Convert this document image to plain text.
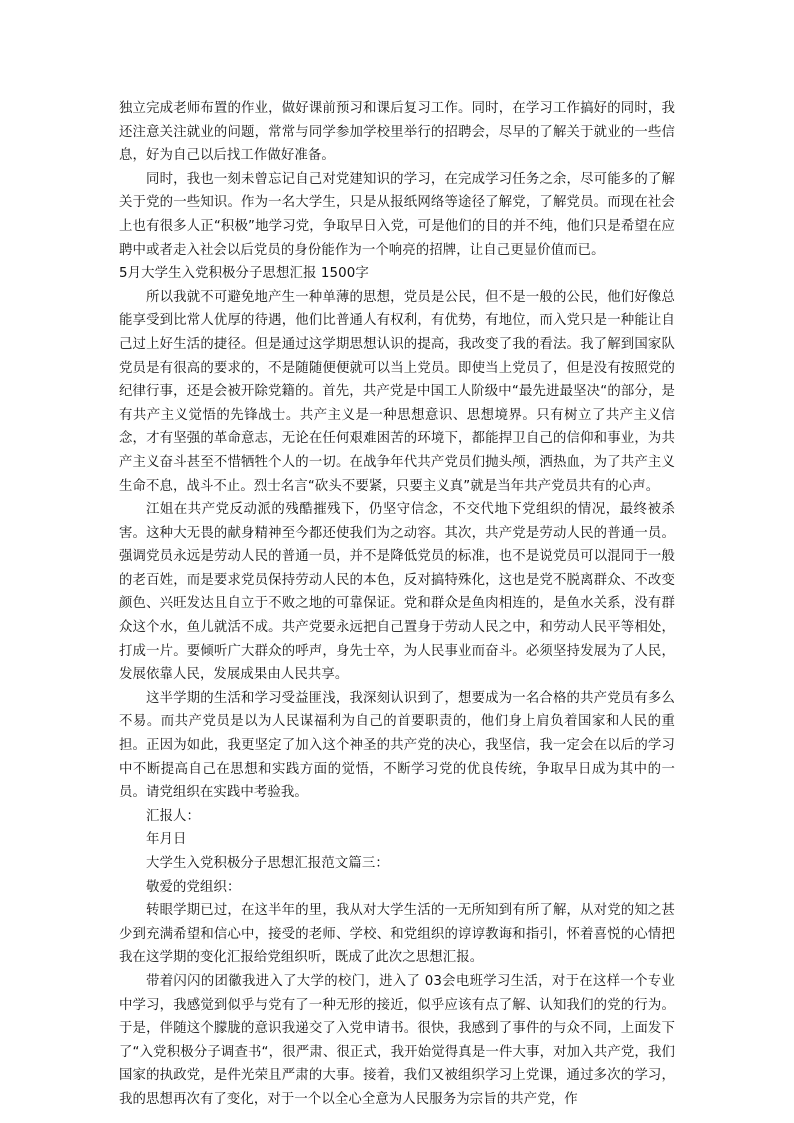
独立完成老师布置的作业，做好课前预习和课后复习工作。同时，在学习工作搞好的同时，我还注意关注就业的问题，常常与同学参加学校里举行的招聘会，尽早的了解关于就业的一些信息，好为自己以后找工作做好准备。

同时，我也一刻未曾忘记自己对党建知识的学习，在完成学习任务之余，尽可能多的了解关于党的一些知识。作为一名大学生，只是从报纸网络等途径了解党，了解党员。而现在社会上也有很多人正“积极”地学习党，争取早日入党，可是他们的目的并不纯，他们只是希望在应聘中或者走入社会以后党员的身份能作为一个响亮的招牌，让自己更显价值而已。

5月大学生入党积极分子思想汇报 1500字

所以我就不可避免地产生一种单薄的思想，党员是公民，但不是一般的公民，他们好像总能享受到比常人优厚的待遇，他们比普通人有权利，有优势，有地位，而入党只是一种能让自己过上好生活的捷径。但是通过这学期思想认识的提高，我改变了我的看法。我了解到国家队党员是有很高的要求的，不是随随便便就可以当上党员。即使当上党员了，但是没有按照党的纪律行事，还是会被开除党籍的。首先，共产党是中国工人阶级中“最先进最坚决“的部分，是有共产主义觉悟的先锋战士。共产主义是一种思想意识、思想境界。只有树立了共产主义信念，才有坚强的革命意志，无论在任何艰难困苦的环境下，都能捍卫自己的信仰和事业，为共产主义奋斗甚至不惜牺牲个人的一切。在战争年代共产党员们抛头颅，洒热血，为了共产主义生命不息，战斗不止。烈士名言“砍头不要紧，只要主义真”就是当年共产党员共有的心声。

江姐在共产党反动派的残酷摧残下，仍坚守信念，不交代地下党组织的情况，最终被杀害。这种大无畏的献身精神至今都还使我们为之动容。其次，共产党是劳动人民的普通一员。强调党员永远是劳动人民的普通一员，并不是降低党员的标准，也不是说党员可以混同于一般的老百姓，而是要求党员保持劳动人民的本色，反对搞特殊化，这也是党不脱离群众、不改变颜色、兴旺发达且自立于不败之地的可靠保证。党和群众是鱼肉相连的，是鱼水关系，没有群众这个水，鱼儿就活不成。共产党要永远把自己置身于劳动人民之中，和劳动人民平等相处，打成一片。要倾听广大群众的呼声，身先士卒，为人民事业而奋斗。必须坚持发展为了人民，发展依靠人民，发展成果由人民共享。

这半学期的生活和学习受益匪浅，我深刻认识到了，想要成为一名合格的共产党员有多么不易。而共产党员是以为人民谋福利为自己的首要职责的，他们身上肩负着国家和人民的重担。正因为如此，我更坚定了加入这个神圣的共产党的决心，我坚信，我一定会在以后的学习中不断提高自己在思想和实践方面的觉悟，不断学习党的优良传统，争取早日成为其中的一员。请党组织在实践中考验我。

汇报人：

年月日

大学生入党积极分子思想汇报范文篇三：

敬爱的党组织：

转眼学期已过，在这半年的里，我从对大学生活的一无所知到有所了解，从对党的知之甚少到充满希望和信心中，接受的老师、学校、和党组织的谆谆教诲和指引，怀着喜悦的心情把我在这学期的变化汇报给党组织听，既成了此次之思想汇报。

带着闪闪的团徽我进入了大学的校门，进入了 03会电班学习生活，对于在这样一个专业中学习，我感觉到似乎与党有了一种无形的接近，似乎应该有点了解、认知我们的党的行为。于是，伴随这个朦胧的意识我递交了入党申请书。很快，我感到了事件的与众不同，上面发下了“入党积极分子调查书“，很严肃、很正式，我开始觉得真是一件大事，对加入共产党，我们国家的执政党，是件光荣且严肃的大事。接着，我们又被组织学习上党课，通过多次的学习，我的思想再次有了变化，对于一个以全心全意为人民服务为宗旨的共产党，作
